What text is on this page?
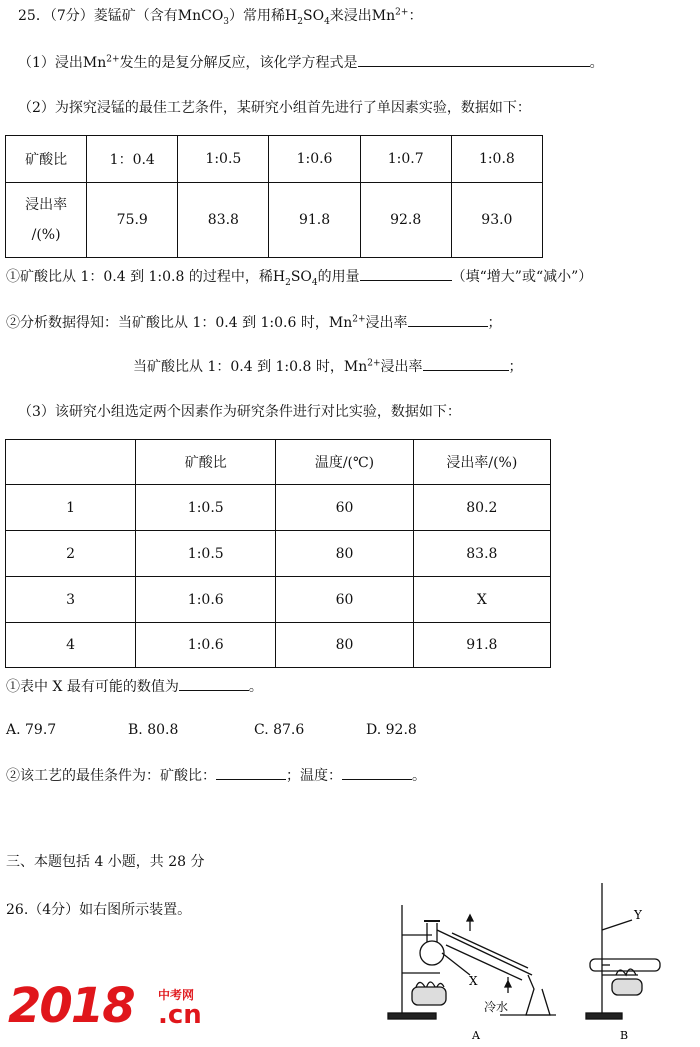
25．（7分）菱锰矿（含有MnCO$_3$）常用稀$H_2SO_4$来浸出$Mn^{2+}$：
（1）浸出$Mn^{2+}$发生的是复分解反应，该化学方程式是	。
（2）为探究浸锰的最佳工艺条件，某研究小组首先进行了单因素实验，数据如下：
矿酸比	1：0.4	1:0.5	1:0.6	1:0.7	1:0.8

浸出率
/(%)	75.9	83.8	91.8	92.8	93.0
①矿酸比从 1：0.4 到 1:0.8 的过程中，稀$H_2SO_4$的用量	（填“增大”或“减小”）
②分析数据得知：当矿酸比从 1：0.4 到 1:0.6 时，$Mn^{2+}$浸出率	；
当矿酸比从 1：0.4 到 1:0.8 时，$Mn^{2+}$浸出率	；
（3）该研究小组选定两个因素作为研究条件进行对比实验，数据如下：
	矿酸比	温度/(℃)	浸出率/(%)
1	1:0.5	60	80.2
2	1:0.5	80	83.8
3	1:0.6	60	X
4	1:0.6	80	91.8
①表中 X 最有可能的数值为	。
A. 79.7	B. 80.8	C. 87.6	D. 92.8
②该工艺的最佳条件为：矿酸比：	；温度：	。
三、本题包括 4 小题，共 28 分
26.（4分）如右图所示装置。
X
Y
冷水
A	B
2018 中考网
.cn
